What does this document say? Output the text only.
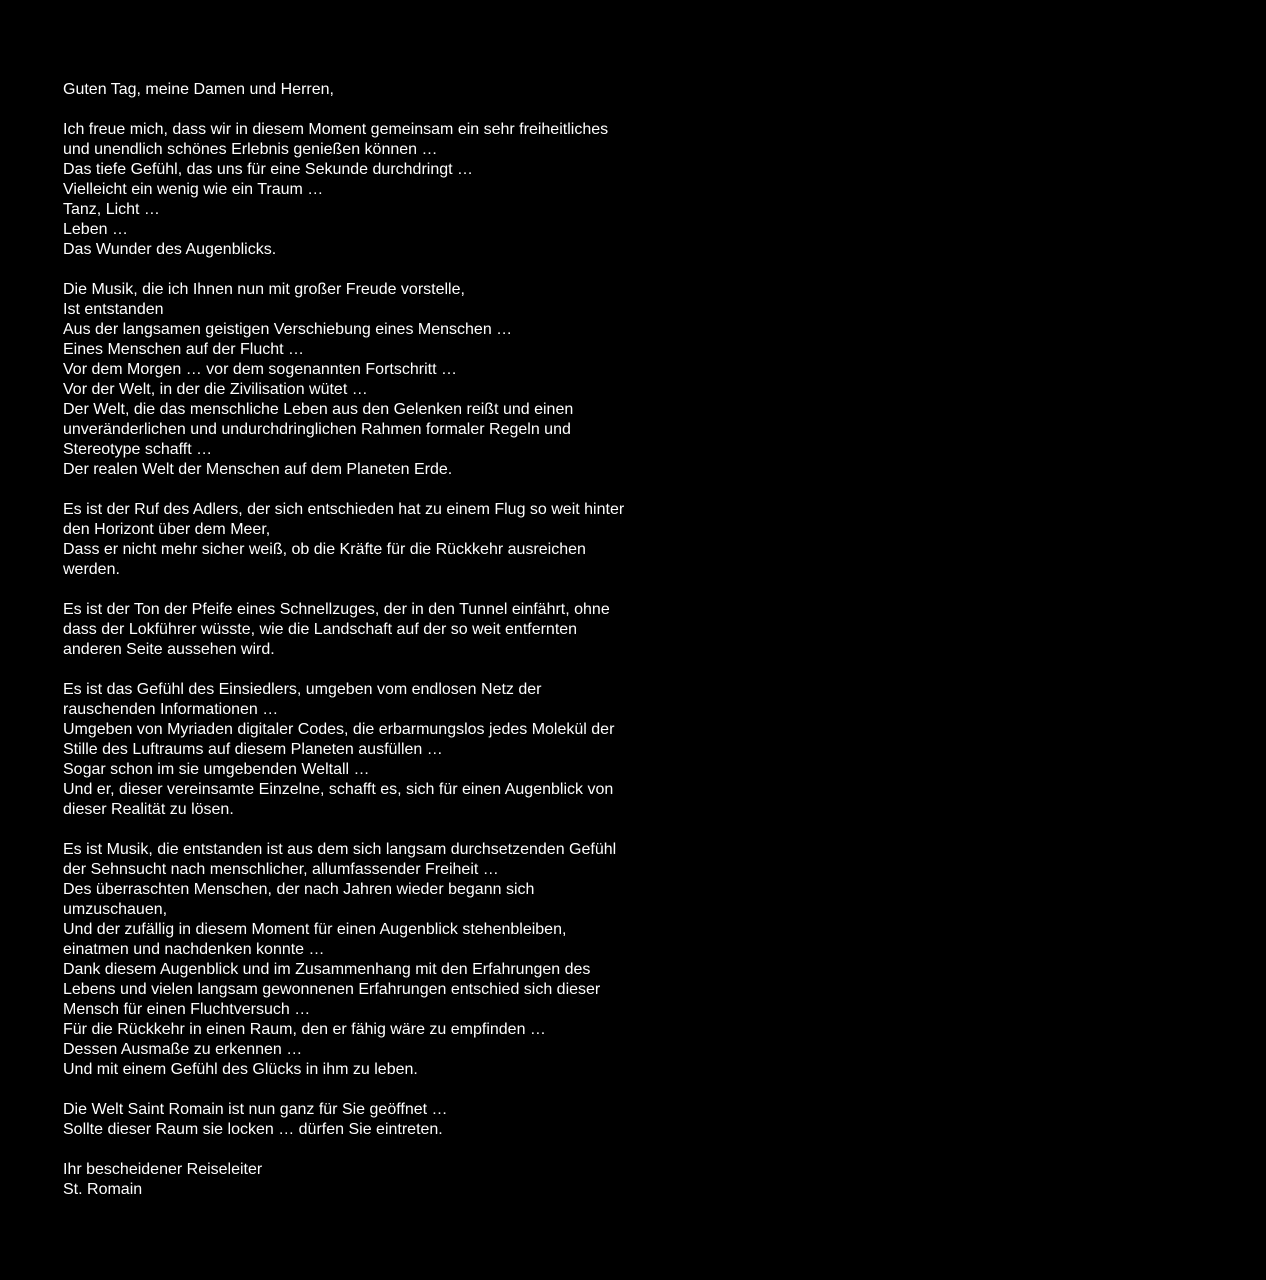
Guten Tag, meine Damen und Herren,

Ich freue mich, dass wir in diesem Moment gemeinsam ein sehr freiheitliches
und unendlich schönes Erlebnis genießen können …
Das tiefe Gefühl, das uns für eine Sekunde durchdringt …
Vielleicht ein wenig wie ein Traum …
Tanz, Licht …
Leben …
Das Wunder des Augenblicks.

Die Musik, die ich Ihnen nun mit großer Freude vorstelle,
Ist entstanden
Aus der langsamen geistigen Verschiebung eines Menschen …
Eines Menschen auf der Flucht …
Vor dem Morgen … vor dem sogenannten Fortschritt …
Vor der Welt, in der die Zivilisation wütet …
Der Welt, die das menschliche Leben aus den Gelenken reißt und einen
unveränderlichen und undurchdringlichen Rahmen formaler Regeln und
Stereotype schafft …
Der realen Welt der Menschen auf dem Planeten Erde.

Es ist der Ruf des Adlers, der sich entschieden hat zu einem Flug so weit hinter
den Horizont über dem Meer,
Dass er nicht mehr sicher weiß, ob die Kräfte für die Rückkehr ausreichen
werden.

Es ist der Ton der Pfeife eines Schnellzuges, der in den Tunnel einfährt, ohne
dass der Lokführer wüsste, wie die Landschaft auf der so weit entfernten
anderen Seite aussehen wird.

Es ist das Gefühl des Einsiedlers, umgeben vom endlosen Netz der
rauschenden Informationen …
Umgeben von Myriaden digitaler Codes, die erbarmungslos jedes Molekül der
Stille des Luftraums auf diesem Planeten ausfüllen …
Sogar schon im sie umgebenden Weltall …
Und er, dieser vereinsamte Einzelne, schafft es, sich für einen Augenblick von
dieser Realität zu lösen.

Es ist Musik, die entstanden ist aus dem sich langsam durchsetzenden Gefühl
der Sehnsucht nach menschlicher, allumfassender Freiheit …
Des überraschten Menschen, der nach Jahren wieder begann sich
umzuschauen,
Und der zufällig in diesem Moment für einen Augenblick stehenbleiben,
einatmen und nachdenken konnte …
Dank diesem Augenblick und im Zusammenhang mit den Erfahrungen des
Lebens und vielen langsam gewonnenen Erfahrungen entschied sich dieser
Mensch für einen Fluchtversuch …
Für die Rückkehr in einen Raum, den er fähig wäre zu empfinden …
Dessen Ausmaße zu erkennen …
Und mit einem Gefühl des Glücks in ihm zu leben.

Die Welt Saint Romain ist nun ganz für Sie geöffnet …
Sollte dieser Raum sie locken … dürfen Sie eintreten.

Ihr bescheidener Reiseleiter
St. Romain
